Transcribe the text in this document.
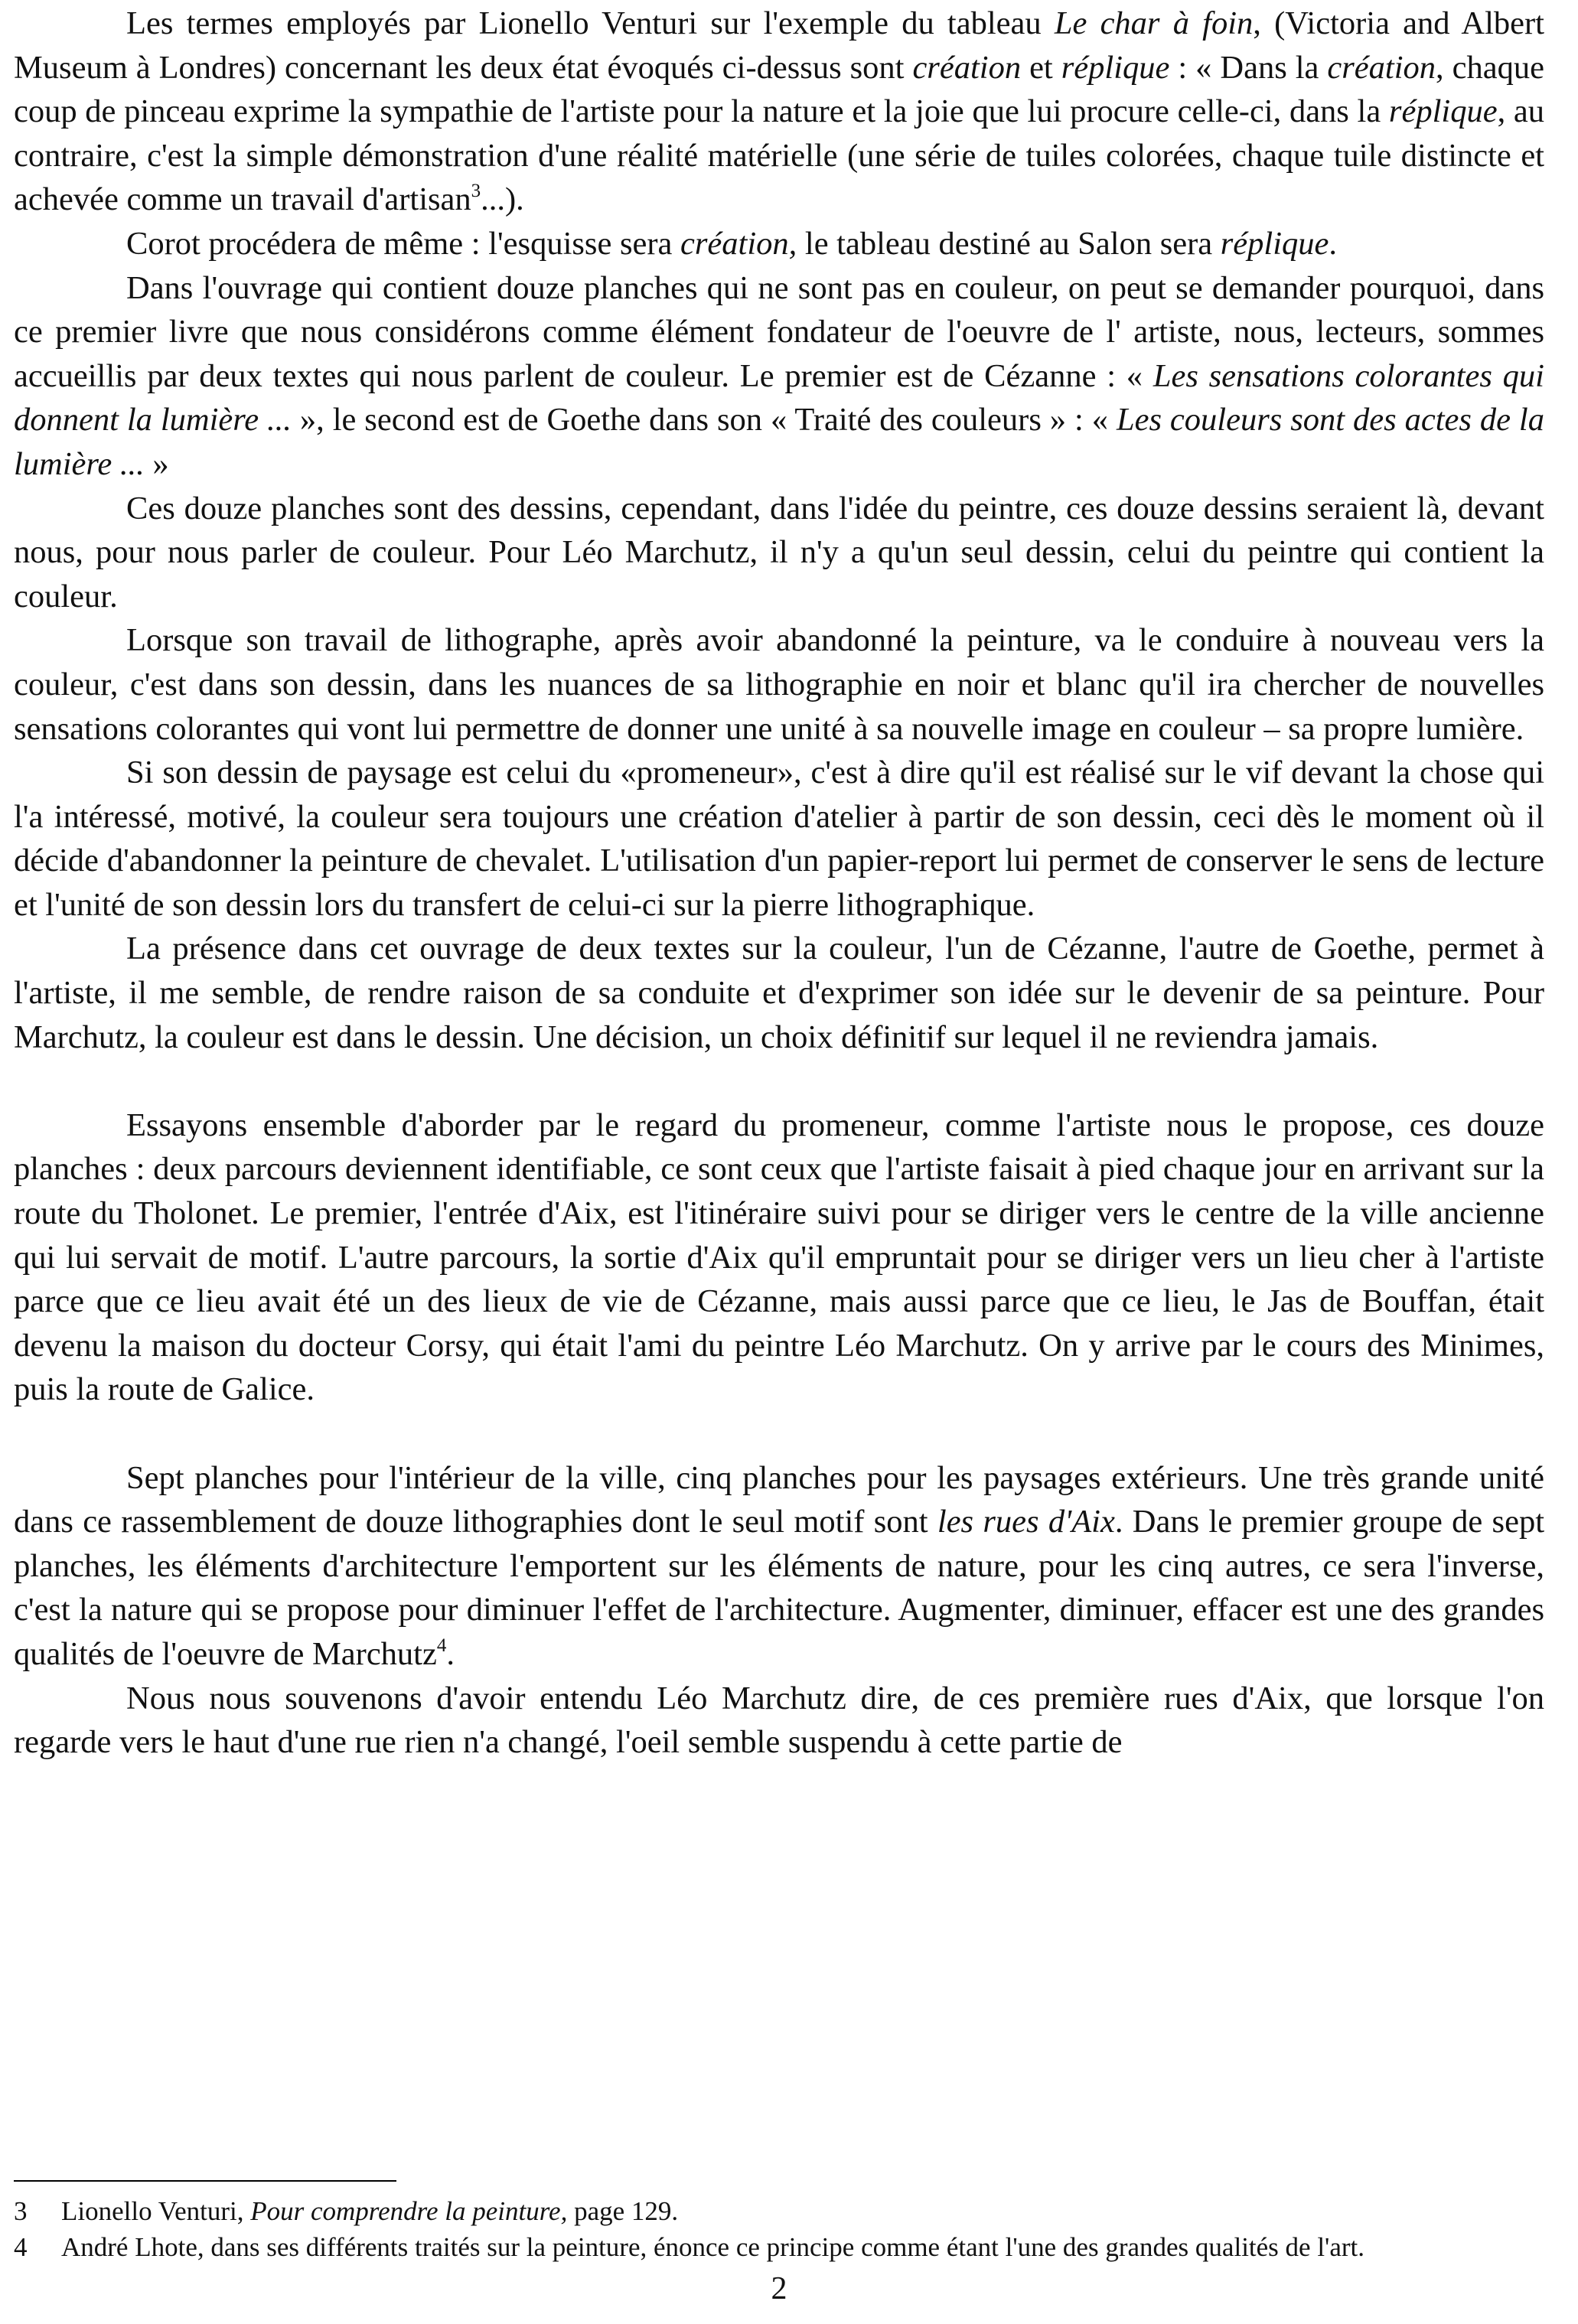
Les termes employés par Lionello Venturi sur l'exemple du tableau Le char à foin, (Victoria and Albert Museum à Londres) concernant les deux état évoqués ci-dessus sont création et réplique : « Dans la création, chaque coup de pinceau exprime la sympathie de l'artiste pour la nature et la joie que lui procure celle-ci, dans la réplique, au contraire, c'est la simple démonstration d'une réalité matérielle (une série de tuiles colorées, chaque tuile distincte et achevée comme un travail d'artisan$^3$...).

Corot procédera de même : l'esquisse sera création, le tableau destiné au Salon sera réplique.

Dans l'ouvrage qui contient douze planches qui ne sont pas en couleur, on peut se demander pourquoi, dans ce premier livre que nous considérons comme élément fondateur de l'oeuvre de l' artiste, nous, lecteurs, sommes accueillis par deux textes qui nous parlent de couleur. Le premier est de Cézanne : « Les sensations colorantes qui donnent la lumière ... », le second est de Goethe dans son « Traité des couleurs » : « Les couleurs sont des actes de la lumière ... »

Ces douze planches sont des dessins, cependant, dans l'idée du peintre, ces douze dessins seraient là, devant nous, pour nous parler de couleur. Pour Léo Marchutz, il n'y a qu'un seul dessin, celui du peintre qui contient la couleur.

Lorsque son travail de lithographe, après avoir abandonné la peinture, va le conduire à nouveau vers la couleur, c'est dans son dessin, dans les nuances de sa lithographie en noir et blanc qu'il ira chercher de nouvelles sensations colorantes qui vont lui permettre de donner une unité à sa nouvelle image en couleur – sa propre lumière.

Si son dessin de paysage est celui du «promeneur», c'est à dire qu'il est réalisé sur le vif devant la chose qui l'a intéressé, motivé, la couleur sera toujours une création d'atelier à partir de son dessin, ceci dès le moment où il décide d'abandonner la peinture de chevalet. L'utilisation d'un papier-report lui permet de conserver le sens de lecture et l'unité de son dessin lors du transfert de celui-ci sur la pierre lithographique.

La présence dans cet ouvrage de deux textes sur la couleur, l'un de Cézanne, l'autre de Goethe, permet à l'artiste, il me semble, de rendre raison de sa conduite et d'exprimer son idée sur le devenir de sa peinture. Pour Marchutz, la couleur est dans le dessin. Une décision, un choix définitif sur lequel il ne reviendra jamais.

Essayons ensemble d'aborder par le regard du promeneur, comme l'artiste nous le propose, ces douze planches : deux parcours deviennent identifiable, ce sont ceux que l'artiste faisait à pied chaque jour en arrivant sur la route du Tholonet. Le premier, l'entrée d'Aix, est l'itinéraire suivi pour se diriger vers le centre de la ville ancienne qui lui servait de motif. L'autre parcours, la sortie d'Aix qu'il empruntait pour se diriger vers un lieu cher à l'artiste parce que ce lieu avait été un des lieux de vie de Cézanne, mais aussi parce que ce lieu, le Jas de Bouffan, était devenu la maison du docteur Corsy, qui était l'ami du peintre Léo Marchutz. On y arrive par le cours des Minimes, puis la route de Galice.

Sept planches pour l'intérieur de la ville, cinq planches pour les paysages extérieurs. Une très grande unité dans ce rassemblement de douze lithographies dont le seul motif sont les rues d'Aix. Dans le premier groupe de sept planches, les éléments d'architecture l'emportent sur les éléments de nature, pour les cinq autres, ce sera l'inverse, c'est la nature qui se propose pour diminuer l'effet de l'architecture. Augmenter, diminuer, effacer est une des grandes qualités de l'oeuvre de Marchutz$^4$.

Nous nous souvenons d'avoir entendu Léo Marchutz dire, de ces première rues d'Aix, que lorsque l'on regarde vers le haut d'une rue rien n'a changé, l'oeil semble suspendu à cette partie de

3	Lionello Venturi, Pour comprendre la peinture, page 129.
4	André Lhote, dans ses différents traités sur la peinture, énonce ce principe comme étant l'une des grandes qualités de l'art.
2
